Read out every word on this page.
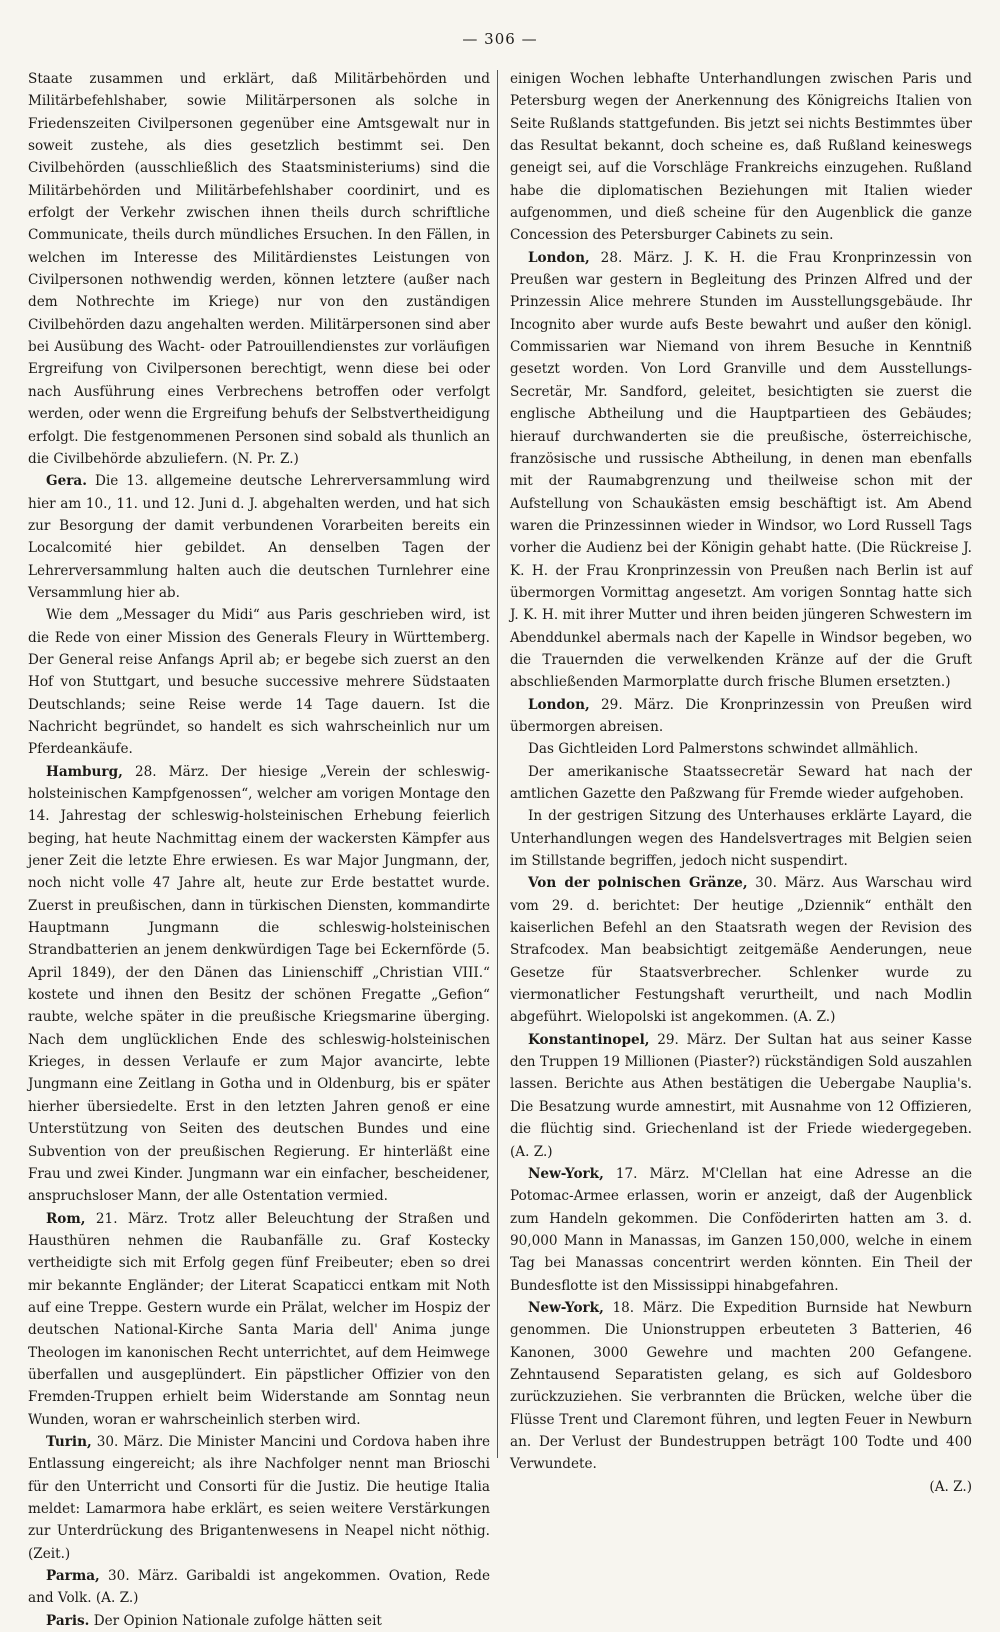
— 306 —

Staate zusammen und erklärt, daß Militärbehörden und Militärbefehlshaber, sowie Militärpersonen als solche in Friedenszeiten Civilpersonen gegenüber eine Amtsgewalt nur in soweit zustehe, als dies gesetzlich bestimmt sei. Den Civilbehörden (ausschließlich des Staatsministeriums) sind die Militärbehörden und Militärbefehlshaber coordinirt, und es erfolgt der Verkehr zwischen ihnen theils durch schriftliche Communicate, theils durch mündliches Ersuchen. In den Fällen, in welchen im Interesse des Militärdienstes Leistungen von Civilpersonen nothwendig werden, können letztere (außer nach dem Nothrechte im Kriege) nur von den zuständigen Civilbehörden dazu angehalten werden. Militärpersonen sind aber bei Ausübung des Wacht- oder Patrouillendienstes zur vorläufigen Ergreifung von Civilpersonen berechtigt, wenn diese bei oder nach Ausführung eines Verbrechens betroffen oder verfolgt werden, oder wenn die Ergreifung behufs der Selbstvertheidigung erfolgt. Die festgenommenen Personen sind sobald als thunlich an die Civilbehörde abzuliefern. (N. Pr. Z.)

Gera. Die 13. allgemeine deutsche Lehrerversammlung wird hier am 10., 11. und 12. Juni d. J. abgehalten werden, und hat sich zur Besorgung der damit verbundenen Vorarbeiten bereits ein Localcomité hier gebildet. An denselben Tagen der Lehrerversammlung halten auch die deutschen Turnlehrer eine Versammlung hier ab.

Wie dem „Messager du Midi“ aus Paris geschrieben wird, ist die Rede von einer Mission des Generals Fleury in Württemberg. Der General reise Anfangs April ab; er begebe sich zuerst an den Hof von Stuttgart, und besuche successive mehrere Südstaaten Deutschlands; seine Reise werde 14 Tage dauern. Ist die Nachricht begründet, so handelt es sich wahrscheinlich nur um Pferdeankäufe.

Hamburg, 28. März. Der hiesige „Verein der schleswig-holsteinischen Kampfgenossen“, welcher am vorigen Montage den 14. Jahrestag der schleswig-holsteinischen Erhebung feierlich beging, hat heute Nachmittag einem der wackersten Kämpfer aus jener Zeit die letzte Ehre erwiesen. Es war Major Jungmann, der, noch nicht volle 47 Jahre alt, heute zur Erde bestattet wurde. Zuerst in preußischen, dann in türkischen Diensten, kommandirte Hauptmann Jungmann die schleswig-holsteinischen Strandbatterien an jenem denkwürdigen Tage bei Eckernförde (5. April 1849), der den Dänen das Linienschiff „Christian VIII.“ kostete und ihnen den Besitz der schönen Fregatte „Gefion“ raubte, welche später in die preußische Kriegsmarine überging. Nach dem unglücklichen Ende des schleswig-holsteinischen Krieges, in dessen Verlaufe er zum Major avancirte, lebte Jungmann eine Zeitlang in Gotha und in Oldenburg, bis er später hierher übersiedelte. Erst in den letzten Jahren genoß er eine Unterstützung von Seiten des deutschen Bundes und eine Subvention von der preußischen Regierung. Er hinterläßt eine Frau und zwei Kinder. Jungmann war ein einfacher, bescheidener, anspruchsloser Mann, der alle Ostentation vermied.

Rom, 21. März. Trotz aller Beleuchtung der Straßen und Hausthüren nehmen die Raubanfälle zu. Graf Kostecky vertheidigte sich mit Erfolg gegen fünf Freibeuter; eben so drei mir bekannte Engländer; der Literat Scapaticci entkam mit Noth auf eine Treppe. Gestern wurde ein Prälat, welcher im Hospiz der deutschen National-Kirche Santa Maria dell' Anima junge Theologen im kanonischen Recht unterrichtet, auf dem Heimwege überfallen und ausgeplündert. Ein päpstlicher Offizier von den Fremden-Truppen erhielt beim Widerstande am Sonntag neun Wunden, woran er wahrscheinlich sterben wird.

Turin, 30. März. Die Minister Mancini und Cordova haben ihre Entlassung eingereicht; als ihre Nachfolger nennt man Brioschi für den Unterricht und Consorti für die Justiz. Die heutige Italia meldet: Lamarmora habe erklärt, es seien weitere Verstärkungen zur Unterdrückung des Brigantenwesens in Neapel nicht nöthig. (Zeit.)

Parma, 30. März. Garibaldi ist angekommen. Ovation, Rede and Volk. (A. Z.)

Paris. Der Opinion Nationale zufolge hätten seit

einigen Wochen lebhafte Unterhandlungen zwischen Paris und Petersburg wegen der Anerkennung des Königreichs Italien von Seite Rußlands stattgefunden. Bis jetzt sei nichts Bestimmtes über das Resultat bekannt, doch scheine es, daß Rußland keineswegs geneigt sei, auf die Vorschläge Frankreichs einzugehen. Rußland habe die diplomatischen Beziehungen mit Italien wieder aufgenommen, und dieß scheine für den Augenblick die ganze Concession des Petersburger Cabinets zu sein.

London, 28. März. J. K. H. die Frau Kronprinzessin von Preußen war gestern in Begleitung des Prinzen Alfred und der Prinzessin Alice mehrere Stunden im Ausstellungsgebäude. Ihr Incognito aber wurde aufs Beste bewahrt und außer den königl. Commissarien war Niemand von ihrem Besuche in Kenntniß gesetzt worden. Von Lord Granville und dem Ausstellungs-Secretär, Mr. Sandford, geleitet, besichtigten sie zuerst die englische Abtheilung und die Hauptpartieen des Gebäudes; hierauf durchwanderten sie die preußische, österreichische, französische und russische Abtheilung, in denen man ebenfalls mit der Raumabgrenzung und theilweise schon mit der Aufstellung von Schaukästen emsig beschäftigt ist. Am Abend waren die Prinzessinnen wieder in Windsor, wo Lord Russell Tags vorher die Audienz bei der Königin gehabt hatte. (Die Rückreise J. K. H. der Frau Kronprinzessin von Preußen nach Berlin ist auf übermorgen Vormittag angesetzt. Am vorigen Sonntag hatte sich J. K. H. mit ihrer Mutter und ihren beiden jüngeren Schwestern im Abenddunkel abermals nach der Kapelle in Windsor begeben, wo die Trauernden die verwelkenden Kränze auf der die Gruft abschließenden Marmorplatte durch frische Blumen ersetzten.)

London, 29. März. Die Kronprinzessin von Preußen wird übermorgen abreisen.

Das Gichtleiden Lord Palmerstons schwindet allmählich.

Der amerikanische Staatssecretär Seward hat nach der amtlichen Gazette den Paßzwang für Fremde wieder aufgehoben.

In der gestrigen Sitzung des Unterhauses erklärte Layard, die Unterhandlungen wegen des Handelsvertrages mit Belgien seien im Stillstande begriffen, jedoch nicht suspendirt.

Von der polnischen Gränze, 30. März. Aus Warschau wird vom 29. d. berichtet: Der heutige „Dziennik“ enthält den kaiserlichen Befehl an den Staatsrath wegen der Revision des Strafcodex. Man beabsichtigt zeitgemäße Aenderungen, neue Gesetze für Staatsverbrecher. Schlenker wurde zu viermonatlicher Festungshaft verurtheilt, und nach Modlin abgeführt. Wielopolski ist angekommen. (A. Z.)

Konstantinopel, 29. März. Der Sultan hat aus seiner Kasse den Truppen 19 Millionen (Piaster?) rückständigen Sold auszahlen lassen. Berichte aus Athen bestätigen die Uebergabe Nauplia's. Die Besatzung wurde amnestirt, mit Ausnahme von 12 Offizieren, die flüchtig sind. Griechenland ist der Friede wiedergegeben. (A. Z.)

New-York, 17. März. M'Clellan hat eine Adresse an die Potomac-Armee erlassen, worin er anzeigt, daß der Augenblick zum Handeln gekommen. Die Conföderirten hatten am 3. d. 90,000 Mann in Manassas, im Ganzen 150,000, welche in einem Tag bei Manassas concentrirt werden könnten. Ein Theil der Bundesflotte ist den Mississippi hinabgefahren.

New-York, 18. März. Die Expedition Burnside hat Newburn genommen. Die Unionstruppen erbeuteten 3 Batterien, 46 Kanonen, 3000 Gewehre und machten 200 Gefangene. Zehntausend Separatisten gelang, es sich auf Goldesboro zurückzuziehen. Sie verbrannten die Brücken, welche über die Flüsse Trent und Claremont führen, und legten Feuer in Newburn an. Der Verlust der Bundestruppen beträgt 100 Todte und 400 Verwundete.

(A. Z.)
